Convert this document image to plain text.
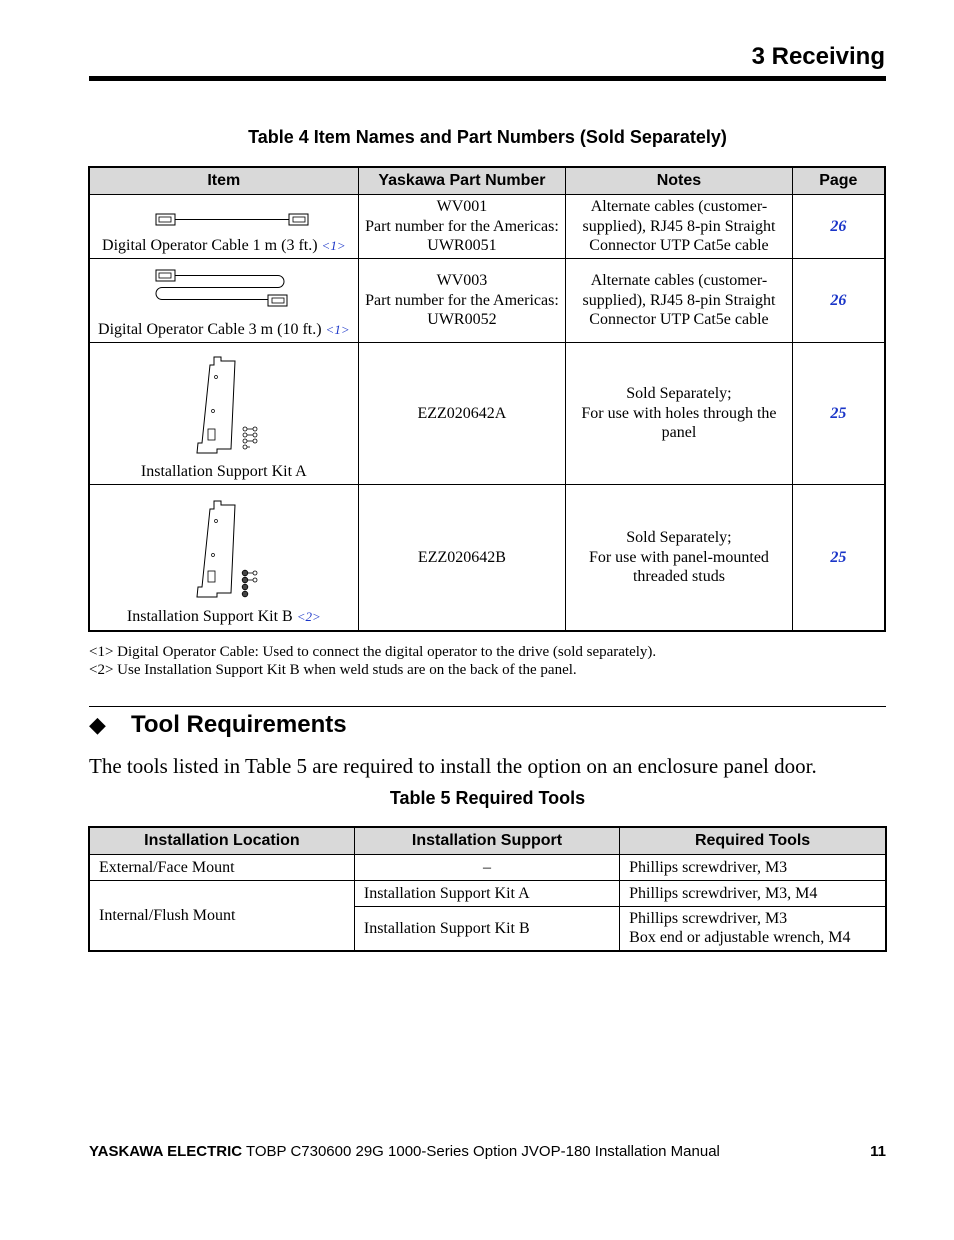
3 Receiving
Table 4 Item Names and Part Numbers (Sold Separately)
Item	Yaskawa Part Number	Notes	Page

Digital Operator Cable 1 m (3 ft.) <1>	WV001
Part number for the Americas:
UWR0051	Alternate cables (customer-
supplied), RJ45 8-pin Straight
Connector UTP Cat5e cable	26

Digital Operator Cable 3 m (10 ft.) <1>	WV003
Part number for the Americas:
UWR0052	Alternate cables (customer-
supplied), RJ45 8-pin Straight
Connector UTP Cat5e cable	26

Installation Support Kit A	EZZ020642A	Sold Separately;
For use with holes through the
panel	25

Installation Support Kit B <2>	EZZ020642B	Sold Separately;
For use with panel-mounted
threaded studs	25
<1> Digital Operator Cable: Used to connect the digital operator to the drive (sold separately).
<2> Use Installation Support Kit B when weld studs are on the back of the panel.
◆ Tool Requirements
The tools listed in Table 5 are required to install the option on an enclosure panel door.
Table 5 Required Tools
Installation Location	Installation Support	Required Tools
External/Face Mount	–	Phillips screwdriver, M3
Internal/Flush Mount	Installation Support Kit A	Phillips screwdriver, M3, M4
	Installation Support Kit B	Phillips screwdriver, M3
Box end or adjustable wrench, M4
YASKAWA ELECTRIC TOBP C730600 29G 1000-Series Option JVOP-180 Installation Manual	11
